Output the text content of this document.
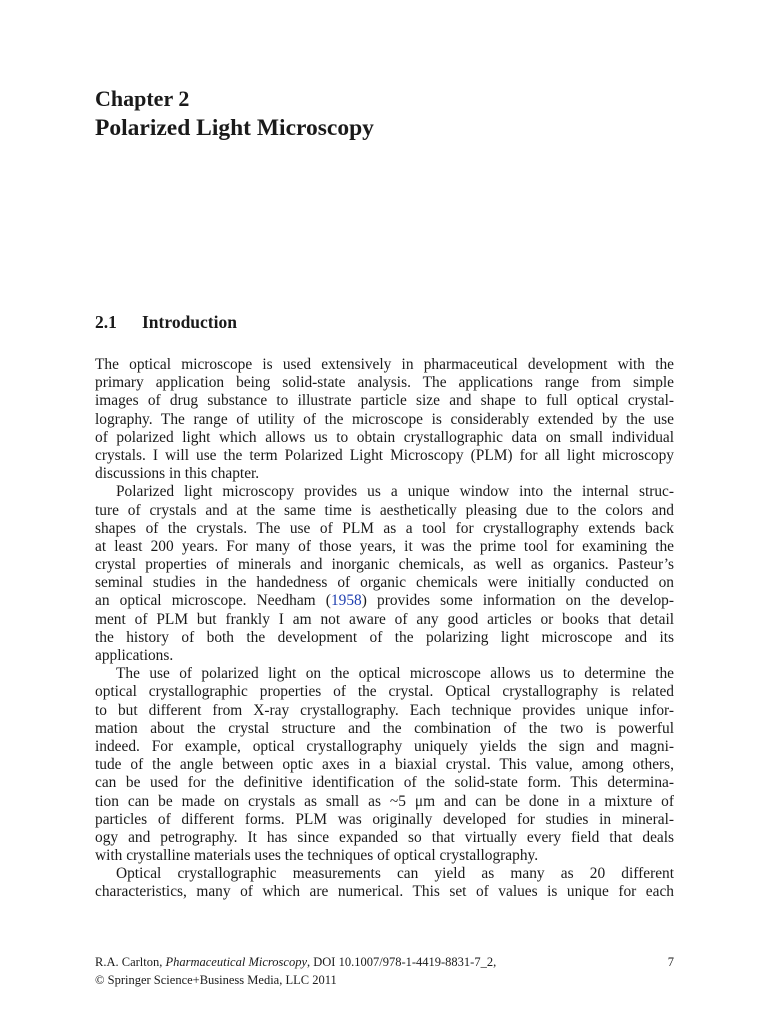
Chapter 2
Polarized Light Microscopy
2.1 Introduction
The optical microscope is used extensively in pharmaceutical development with the
primary application being solid-state analysis. The applications range from simple
images of drug substance to illustrate particle size and shape to full optical crystal-
lography. The range of utility of the microscope is considerably extended by the use
of polarized light which allows us to obtain crystallographic data on small individual
crystals. I will use the term Polarized Light Microscopy (PLM) for all light microscopy
discussions in this chapter.
Polarized light microscopy provides us a unique window into the internal struc-
ture of crystals and at the same time is aesthetically pleasing due to the colors and
shapes of the crystals. The use of PLM as a tool for crystallography extends back
at least 200 years. For many of those years, it was the prime tool for examining the
crystal properties of minerals and inorganic chemicals, as well as organics. Pasteur’s
seminal studies in the handedness of organic chemicals were initially conducted on
an optical microscope. Needham (1958) provides some information on the develop-
ment of PLM but frankly I am not aware of any good articles or books that detail
the history of both the development of the polarizing light microscope and its
applications.
The use of polarized light on the optical microscope allows us to determine the
optical crystallographic properties of the crystal. Optical crystallography is related
to but different from X-ray crystallography. Each technique provides unique infor-
mation about the crystal structure and the combination of the two is powerful
indeed. For example, optical crystallography uniquely yields the sign and magni-
tude of the angle between optic axes in a biaxial crystal. This value, among others,
can be used for the definitive identification of the solid-state form. This determina-
tion can be made on crystals as small as ~5 μm and can be done in a mixture of
particles of different forms. PLM was originally developed for studies in mineral-
ogy and petrography. It has since expanded so that virtually every field that deals
with crystalline materials uses the techniques of optical crystallography.
Optical crystallographic measurements can yield as many as 20 different
characteristics, many of which are numerical. This set of values is unique for each
R.A. Carlton, Pharmaceutical Microscopy, DOI 10.1007/978-1-4419-8831-7_2,	7
© Springer Science+Business Media, LLC 2011
